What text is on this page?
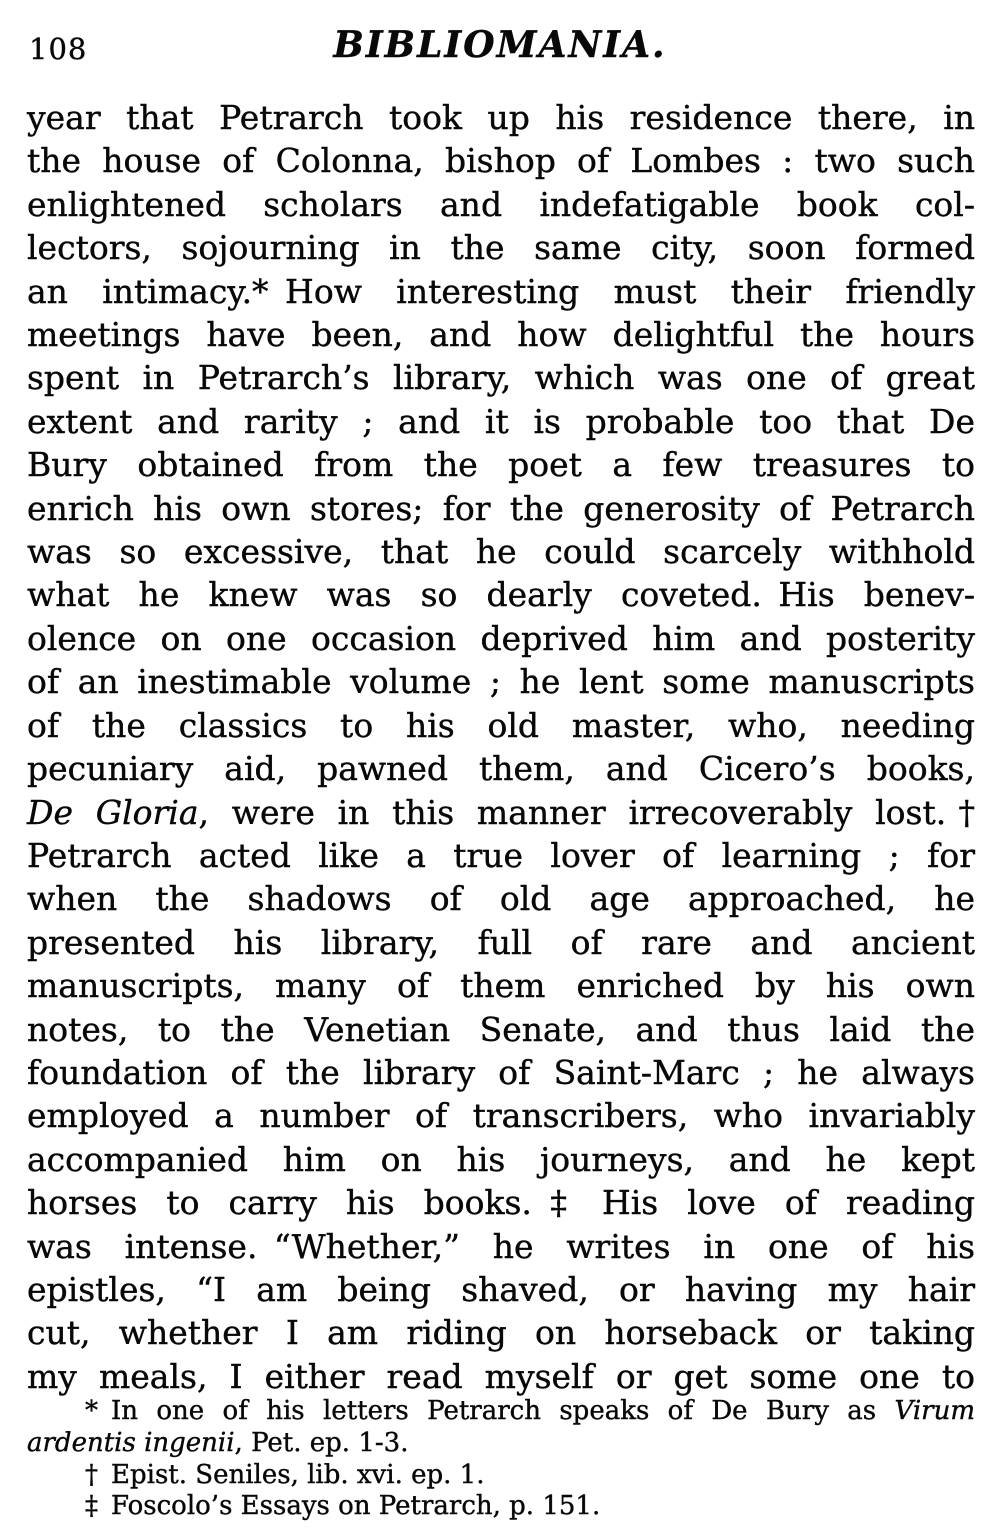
108	BIBLIOMANIA.
year that Petrarch took up his residence there, in
the house of Colonna, bishop of Lombes : two such
enlightened scholars and indefatigable book col-
lectors, sojourning in the same city, soon formed
an intimacy.* How interesting must their friendly
meetings have been, and how delightful the hours
spent in Petrarch’s library, which was one of great
extent and rarity ; and it is probable too that De
Bury obtained from the poet a few treasures to
enrich his own stores; for the generosity of Petrarch
was so excessive, that he could scarcely withhold
what he knew was so dearly coveted. His benev-
olence on one occasion deprived him and posterity
of an inestimable volume ; he lent some manuscripts
of the classics to his old master, who, needing
pecuniary aid, pawned them, and Cicero’s books,
De Gloria, were in this manner irrecoverably lost.†
Petrarch acted like a true lover of learning ; for
when the shadows of old age approached, he
presented his library, full of rare and ancient
manuscripts, many of them enriched by his own
notes, to the Venetian Senate, and thus laid the
foundation of the library of Saint-Marc ; he always
employed a number of transcribers, who invariably
accompanied him on his journeys, and he kept
horses to carry his books.‡ His love of reading
was intense. “Whether,” he writes in one of his
epistles, “I am being shaved, or having my hair
cut, whether I am riding on horseback or taking
my meals, I either read myself or get some one to
* In one of his letters Petrarch speaks of De Bury as Virum
ardentis ingenii, Pet. ep. 1-3.
† Epist. Seniles, lib. xvi. ep. 1.
‡ Foscolo’s Essays on Petrarch, p. 151.
